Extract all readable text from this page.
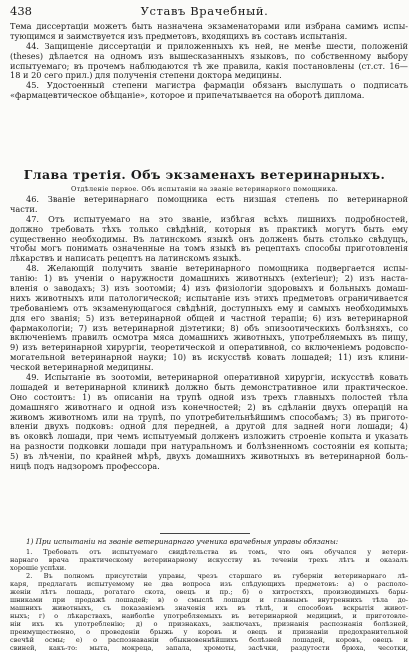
438	Уставъ Врачебный.
Тема диссертаціи можетъ быть назначена экзаменаторами или избрана самимъ испы-
тующимся и заимствуется изъ предметовъ, входящихъ въ составъ испытанія.
44. Защищеніе диссертаціи и приложенныхъ къ ней, не менѣе шести, положеній
(theses) дѣлается на одномъ изъ вышесказанныхъ языковъ, по собственному выбору
испытуемаго; въ прочемъ наблюдаются тѣ же правила, какія постановлены (ст.ст. 16—
18 и 20 сего прил.) для полученія степени доктора медицины.
45. Удостоенный степени магистра фармаціи обязанъ выслушать о подписать
«фармацевтическое обѣщаніе», которое и припечатывается на оборотѣ диплома.
Глава третія. Объ экзаменахъ ветеринарныхъ.
Отдѣленіе первое. Объ испытаніи на званіе ветеринарного помощника.
46. Званіе ветеринарнаго помощника есть низшая степень по ветеринарной
части.
47. Отъ испытуемаго на это званіе, избѣгая всѣхъ лишнихъ подробностей,
должно требовать тѣхъ только свѣдѣній, которыя въ практикѣ могутъ быть ему
существенно необходимы. Въ латинскомъ языкѣ онъ долженъ быть столько свѣдущъ,
чтобы могъ понимать означенные на томъ языкѣ въ рецептахъ способы приготовленія
лѣкарствъ и написать рецептъ на латинскомъ языкѣ.
48. Желающій получить званіе ветеринарного помощника подвергается испы-
танію: 1) въ ученіи о наружности домашнихъ животныхъ (exterieur); 2) изъ наста-
вленія о заводахъ; 3) изъ зоотоміи; 4) изъ физіологіи здоровыхъ и больныхъ домаш-
нихъ животныхъ или патологической; испытаніе изъ этихъ предметовъ ограничивается
требованіемъ отъ экзаменующагося свѣдѣній, доступныхъ ему и самыхъ необходимыхъ
для его званія; 5) изъ ветеринарной общей и частной терапіи; 6) изъ ветеринарной
фармакологіи; 7) изъ ветеринарной діэтетики; 8) объ эпизоотическихъ болѣзняхъ, со
включеніемъ правилъ осмотра мяса домашнихъ животныхъ, употребляемыхъ въ пищу,
9) изъ ветеринарной хирургіи, теоретической и оперативной, со включеніемъ родовспо-
могательной ветеринарной науки; 10) въ искусствѣ ковать лошадей; 11) изъ клини-
ческой ветеринарной медицины.
49. Испытаніе въ зоотоміи, ветеринарной оперативной хирургіи, искусствѣ ковать
лошадей и ветеринарной клиникѣ должно быть демонстративное или практическое.
Оно состоитъ: 1) въ описаніи на трупѣ одной изъ трехъ главныхъ полостей тѣла
домашняго животнаго и одной изъ конечностей; 2) въ сдѣланіи двухъ операцій на
живомъ животномъ или на трупѣ, по употребительнѣйшимъ способамъ; 3) въ пригото-
вленіи двухъ подковъ: одной для передней, а другой для задней ноги лошади; 4)
въ оковкѣ лошади, при чемъ испытуемый долженъ изложить строеніе копыта и указать
на разности подковки лошади при натуральномъ и болѣзненномъ состояніи ея копыта;
5) въ лѣченіи, по крайней мѣрѣ, двухъ домашнихъ животныхъ въ ветеринарной боль-
ницѣ подъ надзоромъ профессора.
1) При испытаніи на званіе ветеринарнаго ученика врачебныя управы обязаны:
1. Требовать отъ испытуемаго свидѣтельства въ томъ, что онъ обучался у ветери-
нарнаго врача практическому ветеринарному искусству въ теченіи трехъ лѣтъ и оказалъ
хорошіе успѣхи.
2. Въ полномъ присутствіи управы, чрезъ старшаго въ губерніи ветеринарнаго лѣ-
каря, предлагать испытуемому не два вопроса изъ слѣдующихъ предметовъ: а) о располо-
женіи лѣтъ лошадь, рогатаго скота, овецъ и пр.; б) о хитростяхъ, производимыхъ бары-
шниками при продажѣ лошадей; в) о смыслѣ лошади и главнымъ внутреннихъ тѣла до-
машнихъ животныхъ, съ показаніемъ значенія ихъ въ тѣлѣ, и способовъ вскрытія живот-
ныхъ; г) о лѣкарствахъ, наиболѣе употребляемыхъ въ ветеринарной медицинѣ, и приготовле-
ніи ихъ къ употребленію; д) о признакахъ, заключахъ, признанія распознанія болѣзней,
преимущественно, о проведеніи брыжь у коровъ и овецъ и признаніи предохранительной
свечѣй осмы; е) о распознаваніи обыкновеннѣйшихъ болѣзней лошадей, коровъ, овецъ и
свиней, какъ-то: мыта, мокреца, запала, хромоты, засѣчки, раздутости брюха, чесотки,
